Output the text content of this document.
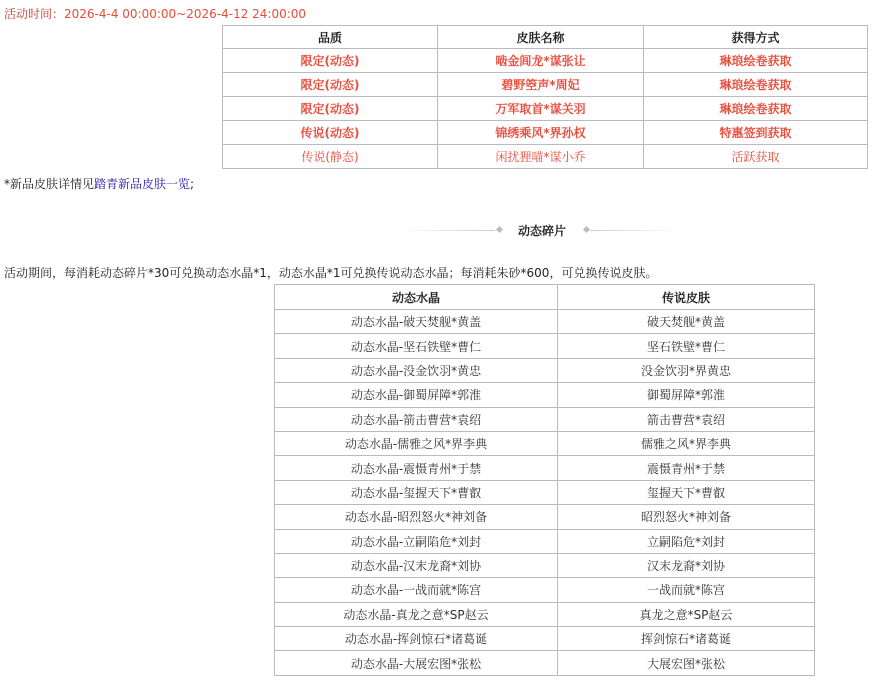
活动时间：2026-4-4 00:00:00~2026-4-12 24:00:00
品质	皮肤名称	获得方式
限定(动态)	啮金闾龙*谋张让	琳琅绘卷获取
限定(动态)	碧野箜声*周妃	琳琅绘卷获取
限定(动态)	万军取首*谋关羽	琳琅绘卷获取
传说(动态)	锦绣乘风*界孙权	特惠签到获取
传说(静态)	闲扰狸喵*谋小乔	活跃获取
*新品皮肤详情见踏青新品皮肤一览;
动态碎片
活动期间，每消耗动态碎片*30可兑换动态水晶*1，动态水晶*1可兑换传说动态水晶；每消耗朱砂*600，可兑换传说皮肤。
动态水晶	传说皮肤
动态水晶-破天焚舰*黄盖	破天焚舰*黄盖
动态水晶-坚石铁壁*曹仁	坚石铁壁*曹仁
动态水晶-没金饮羽*黄忠	没金饮羽*界黄忠
动态水晶-御蜀屏障*郭淮	御蜀屏障*郭淮
动态水晶-箭击曹营*袁绍	箭击曹营*袁绍
动态水晶-儒雅之风*界李典	儒雅之风*界李典
动态水晶-震慑青州*于禁	震慑青州*于禁
动态水晶-玺握天下*曹叡	玺握天下*曹叡
动态水晶-昭烈怒火*神刘备	昭烈怒火*神刘备
动态水晶-立嗣陷危*刘封	立嗣陷危*刘封
动态水晶-汉末龙裔*刘协	汉末龙裔*刘协
动态水晶-一战而就*陈宫	一战而就*陈宫
动态水晶-真龙之意*SP赵云	真龙之意*SP赵云
动态水晶-挥剑惊石*诸葛诞	挥剑惊石*诸葛诞
动态水晶-大展宏图*张松	大展宏图*张松
